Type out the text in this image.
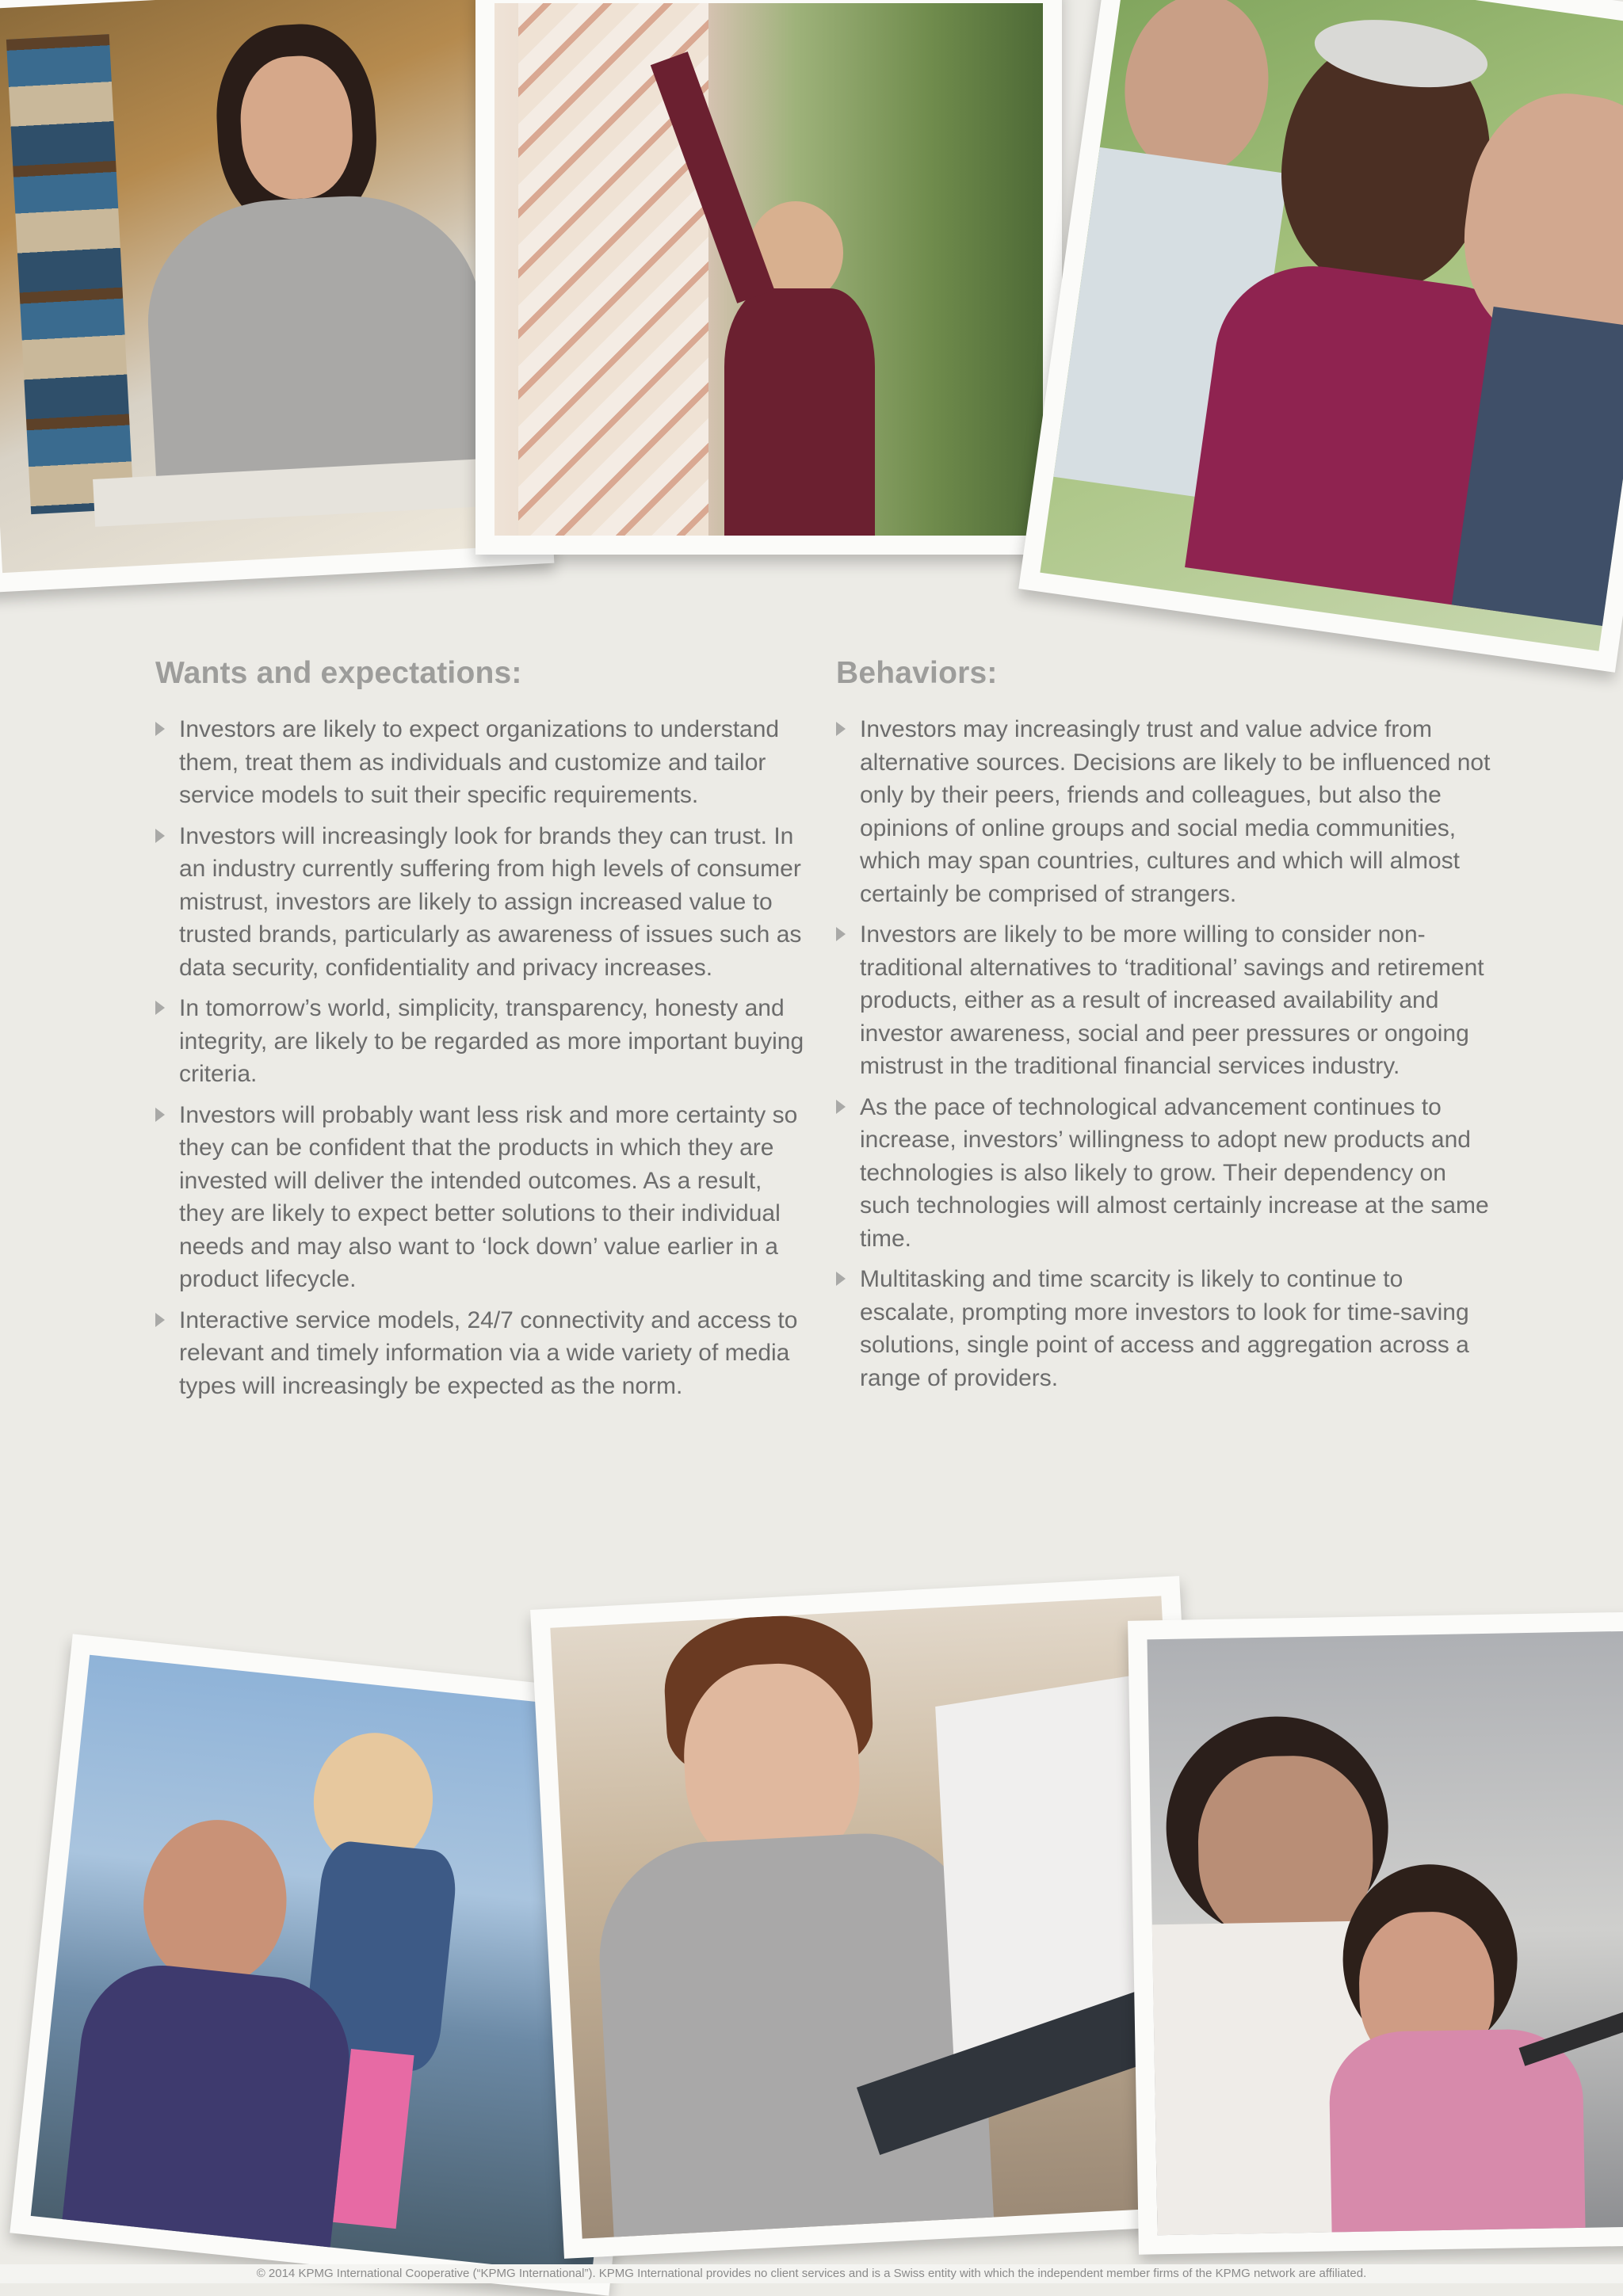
Wants and expectations:
Investors are likely to expect organizations to understand them, treat them as individuals and customize and tailor service models to suit their specific requirements.
Investors will increasingly look for brands they can trust. In an industry currently suffering from high levels of consumer mistrust, investors are likely to assign increased value to trusted brands, particularly as awareness of issues such as data security, confidentiality and privacy increases.
In tomorrow’s world, simplicity, transparency, honesty and integrity, are likely to be regarded as more important buying criteria.
Investors will probably want less risk and more certainty so they can be confident that the products in which they are invested will deliver the intended outcomes. As a result, they are likely to expect better solutions to their individual needs and may also want to ‘lock down’ value earlier in a product lifecycle.
Interactive service models, 24/7 connectivity and access to relevant and timely information via a wide variety of media types will increasingly be expected as the norm.
Behaviors:
Investors may increasingly trust and value advice from alternative sources. Decisions are likely to be influenced not only by their peers, friends and colleagues, but also the opinions of online groups and social media communities, which may span countries, cultures and which will almost certainly be comprised of strangers.
Investors are likely to be more willing to consider non-traditional alternatives to ‘traditional’ savings and retirement products, either as a result of increased availability and investor awareness, social and peer pressures or ongoing mistrust in the traditional financial services industry.
As the pace of technological advancement continues to increase, investors’ willingness to adopt new products and technologies is also likely to grow. Their dependency on such technologies will almost certainly increase at the same time.
Multitasking and time scarcity is likely to continue to escalate, prompting more investors to look for time-saving solutions, single point of access and aggregation across a range of providers.
© 2014 KPMG International Cooperative (“KPMG International”). KPMG International provides no client services and is a Swiss entity with which the independent member firms of the KPMG network are affiliated.
